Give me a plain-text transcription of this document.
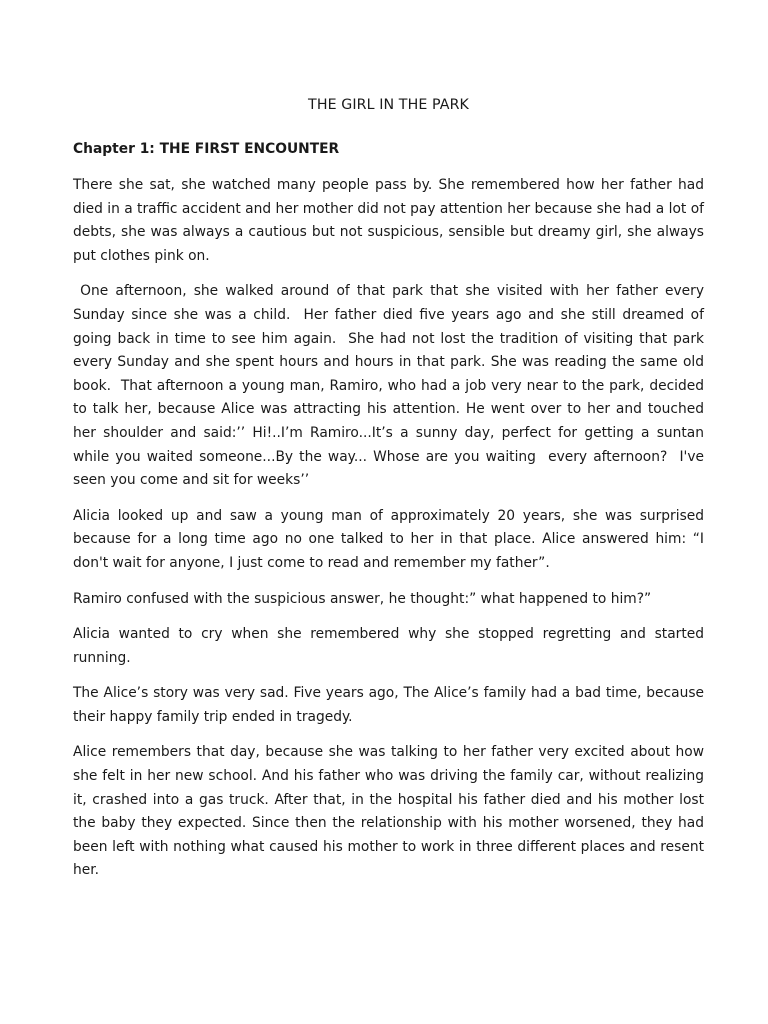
THE GIRL IN THE PARK
Chapter 1: THE FIRST ENCOUNTER

There she sat, she watched many people pass by. She remembered how her father had died in a traffic accident and her mother did not pay attention her because she had a lot of debts, she was always a cautious but not suspicious, sensible but dreamy girl, she always put clothes pink on.

One afternoon, she walked around of that park that she visited with her father every Sunday since she was a child.  Her father died five years ago and she still dreamed of going back in time to see him again.  She had not lost the tradition of visiting that park every Sunday and she spent hours and hours in that park. She was reading the same old book.  That afternoon a young man, Ramiro, who had a job very near to the park, decided to talk her, because Alice was attracting his attention. He went over to her and touched her shoulder and said:’’ Hi!..I’m Ramiro...It’s a sunny day, perfect for getting a suntan while you waited someone...By the way... Whose are you waiting  every afternoon?  I've seen you come and sit for weeks’’

Alicia looked up and saw a young man of approximately 20 years, she was surprised because for a long time ago no one talked to her in that place. Alice answered him: “I don't wait for anyone, I just come to read and remember my father”.

Ramiro confused with the suspicious answer, he thought:” what happened to him?”

Alicia wanted to cry when she remembered why she stopped regretting and started running.

The Alice’s story was very sad. Five years ago, The Alice’s family had a bad time, because their happy family trip ended in tragedy.

Alice remembers that day, because she was talking to her father very excited about how she felt in her new school. And his father who was driving the family car, without realizing it, crashed into a gas truck. After that, in the hospital his father died and his mother lost the baby they expected. Since then the relationship with his mother worsened, they had been left with nothing what caused his mother to work in three different places and resent her.
